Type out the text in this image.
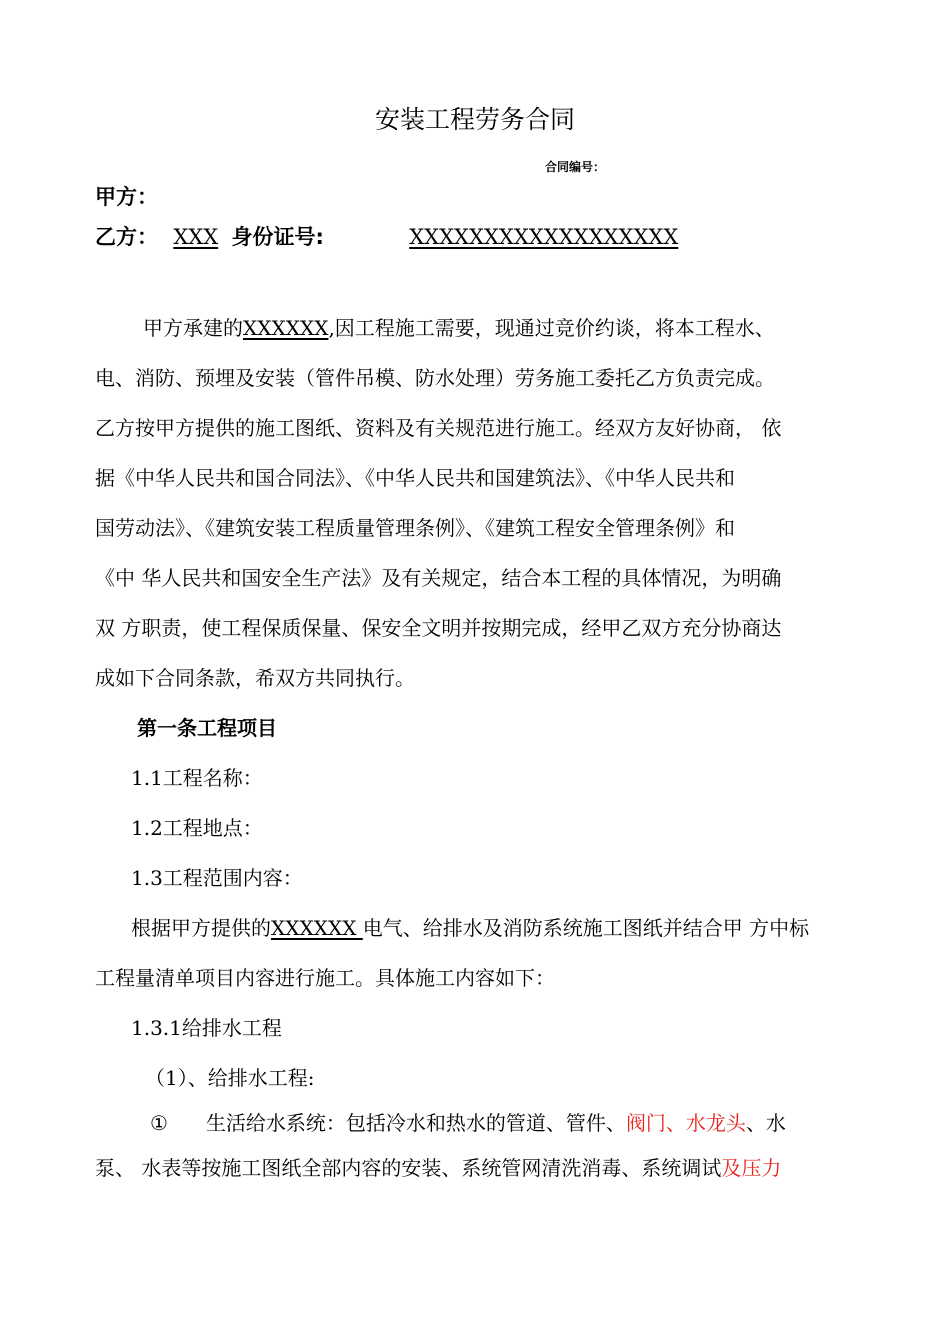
安装工程劳务合同
合同编号：
甲方：
乙方： XXX 身份证号:	XXXXXXXXXXXXXXXXXX
甲方承建的XXXXXX,因工程施工需要，现通过竞价约谈，将本工程水、
电、消防、预埋及安装（管件吊模、防水处理）劳务施工委托乙方负责完成。
乙方按甲方提供的施工图纸、资料及有关规范进行施工。经双方友好协商， 依
据《中华人民共和国合同法》、《中华人民共和国建筑法》、《中华人民共和
国劳动法》、《建筑安装工程质量管理条例》、《建筑工程安全管理条例》和
《中 华人民共和国安全生产法》及有关规定，结合本工程的具体情况，为明确
双 方职责，使工程保质保量、保安全文明并按期完成，经甲乙双方充分协商达
成如下合同条款，希双方共同执行。
第一条工程项目
1.1工程名称：
1.2工程地点：
1.3工程范围内容：
根据甲方提供的XXXXXX 电气、给排水及消防系统施工图纸并结合甲 方中标
工程量清单项目内容进行施工。具体施工内容如下：
1.3.1给排水工程
（1）、给排水工程:
① 生活给水系统：包括冷水和热水的管道、管件、阀门、水龙头、水
泵、 水表等按施工图纸全部内容的安装、系统管网清洗消毒、系统调试及压力
